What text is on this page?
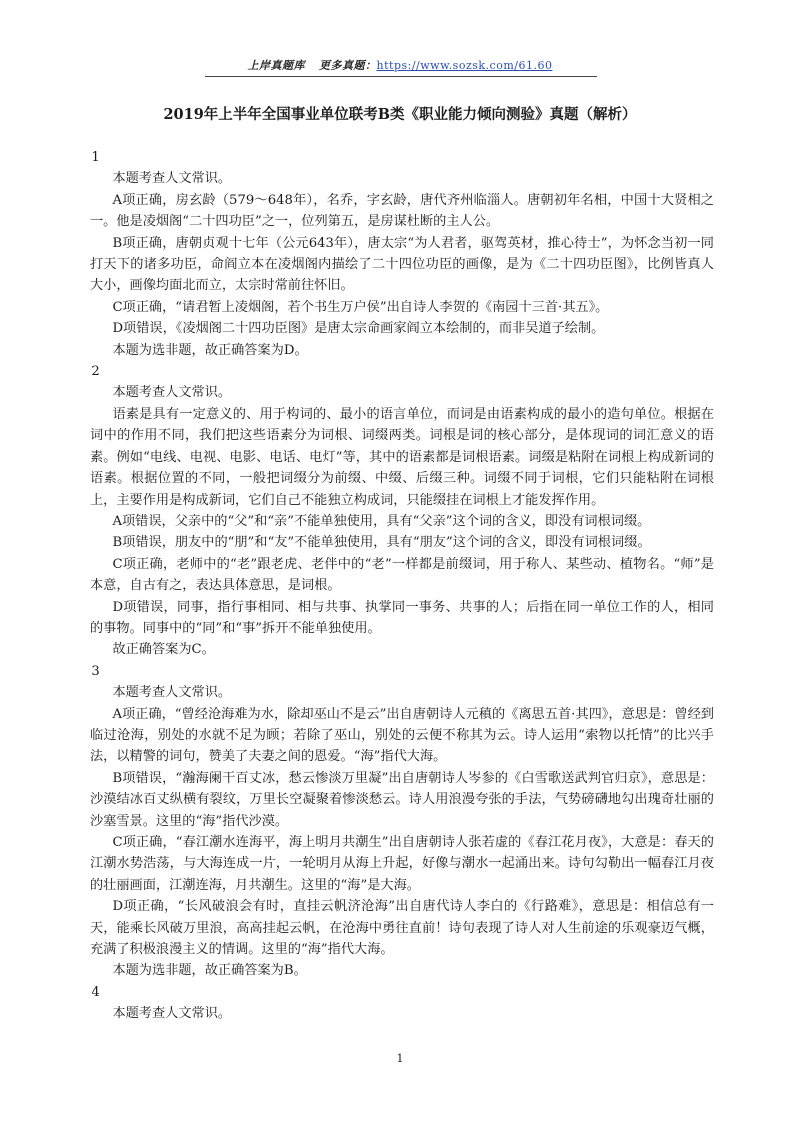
上岸真题库 更多真题：https://www.sozsk.com/61.60
2019年上半年全国事业单位联考B类《职业能力倾向测验》真题（解析）

1

本题考查人文常识。

A项正确，房玄龄（579～648年），名乔，字玄龄，唐代齐州临淄人。唐朝初年名相，中国十大贤相之一。他是凌烟阁“二十四功臣”之一，位列第五，是房谋杜断的主人公。

B项正确，唐朝贞观十七年（公元643年），唐太宗“为人君者，驱驾英材，推心待士”，为怀念当初一同打天下的诸多功臣，命阎立本在凌烟阁内描绘了二十四位功臣的画像，是为《二十四功臣图》，比例皆真人大小，画像均面北而立，太宗时常前往怀旧。

C项正确，“请君暂上凌烟阁，若个书生万户侯”出自诗人李贺的《南园十三首·其五》。

D项错误，《凌烟阁二十四功臣图》是唐太宗命画家阎立本绘制的，而非吴道子绘制。

本题为选非题，故正确答案为D。

2

本题考查人文常识。

语素是具有一定意义的、用于构词的、最小的语言单位，而词是由语素构成的最小的造句单位。根据在词中的作用不同，我们把这些语素分为词根、词缀两类。词根是词的核心部分，是体现词的词汇意义的语素。例如“电线、电视、电影、电话、电灯”等，其中的语素都是词根语素。词缀是粘附在词根上构成新词的语素。根据位置的不同，一般把词缀分为前缀、中缀、后缀三种。词缀不同于词根，它们只能粘附在词根上，主要作用是构成新词，它们自己不能独立构成词，只能缀挂在词根上才能发挥作用。

A项错误，父亲中的“父”和“亲”不能单独使用，具有“父亲”这个词的含义，即没有词根词缀。

B项错误，朋友中的“朋”和“友”不能单独使用，具有“朋友”这个词的含义，即没有词根词缀。

C项正确，老师中的“老”跟老虎、老伴中的“老”一样都是前缀词，用于称人、某些动、植物名。“师”是本意，自古有之，表达具体意思，是词根。

D项错误，同事，指行事相同、相与共事、执掌同一事务、共事的人；后指在同一单位工作的人，相同的事物。同事中的“同”和“事”拆开不能单独使用。

故正确答案为C。

3

本题考查人文常识。

A项正确，“曾经沧海难为水，除却巫山不是云”出自唐朝诗人元稹的《离思五首·其四》，意思是：曾经到临过沧海，别处的水就不足为顾；若除了巫山，别处的云便不称其为云。诗人运用“索物以托情”的比兴手法，以精警的词句，赞美了夫妻之间的恩爱。“海”指代大海。

B项错误，“瀚海阑干百丈冰，愁云惨淡万里凝”出自唐朝诗人岑参的《白雪歌送武判官归京》，意思是：沙漠结冰百丈纵横有裂纹，万里长空凝聚着惨淡愁云。诗人用浪漫夸张的手法，气势磅礴地勾出瑰奇壮丽的沙塞雪景。这里的“海”指代沙漠。

C项正确，“春江潮水连海平，海上明月共潮生”出自唐朝诗人张若虚的《春江花月夜》，大意是：春天的江潮水势浩荡，与大海连成一片，一轮明月从海上升起，好像与潮水一起涌出来。诗句勾勒出一幅春江月夜的壮丽画面，江潮连海，月共潮生。这里的“海”是大海。

D项正确，“长风破浪会有时，直挂云帆济沧海”出自唐代诗人李白的《行路难》，意思是：相信总有一天，能乘长风破万里浪，高高挂起云帆，在沧海中勇往直前！诗句表现了诗人对人生前途的乐观豪迈气概，充满了积极浪漫主义的情调。这里的“海”指代大海。

本题为选非题，故正确答案为B。

4

本题考查人文常识。

1
